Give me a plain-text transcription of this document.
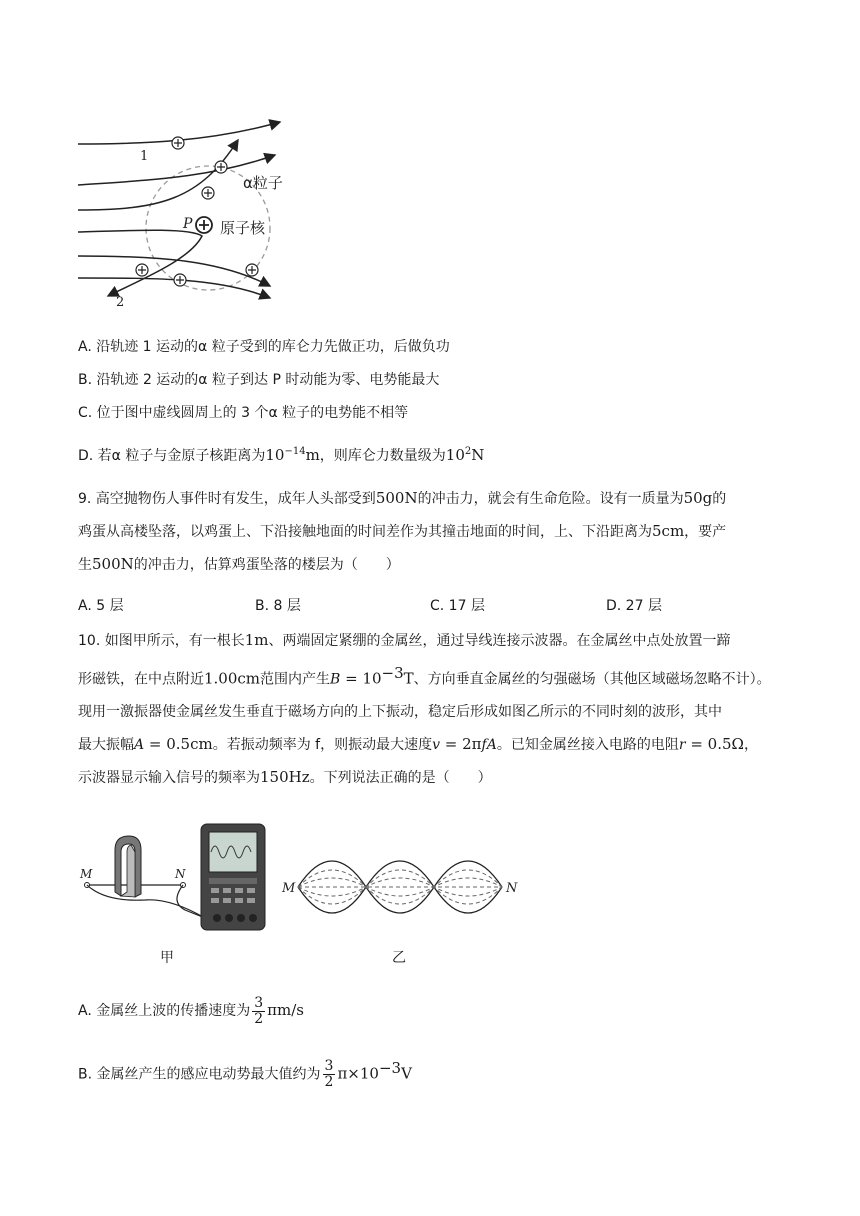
1
2
α粒子
P 原子核
A. 沿轨迹 1 运动的α 粒子受到的库仑力先做正功，后做负功
B. 沿轨迹 2 运动的α 粒子到达 P 时动能为零、电势能最大
C. 位于图中虚线圆周上的 3 个α 粒子的电势能不相等
D. 若α 粒子与金原子核距离为$10^{-14}m$，则库仑力数量级为$10^2N$
9. 高空抛物伤人事件时有发生，成年人头部受到500N的冲击力，就会有生命危险。设有一质量为50g的
鸡蛋从高楼坠落，以鸡蛋上、下沿接触地面的时间差作为其撞击地面的时间，上、下沿距离为5cm，要产
生500N的冲击力，估算鸡蛋坠落的楼层为（　　）
A. 5 层	B. 8 层	C. 17 层	D. 27 层
10. 如图甲所示，有一根长1m、两端固定紧绷的金属丝，通过导线连接示波器。在金属丝中点处放置一蹄
形磁铁，在中点附近1.00cm范围内产生$B = 10^{-3}T$、方向垂直金属丝的匀强磁场（其他区域磁场忽略不计）。
现用一激振器使金属丝发生垂直于磁场方向的上下振动，稳定后形成如图乙所示的不同时刻的波形，其中
最大振幅A = 0.5cm。若振动频率为 f，则振动最大速度v = 2πfA。已知金属丝接入电路的电阻r = 0.5Ω，
示波器显示输入信号的频率为150Hz。下列说法正确的是（　　）
M	N
甲
M	N
乙
A. 金属丝上波的传播速度为 $\frac{3}{2} \pi m/s$
B. 金属丝产生的感应电动势最大值约为 $\frac{3}{2} \pi\times 10^{-3}V$
